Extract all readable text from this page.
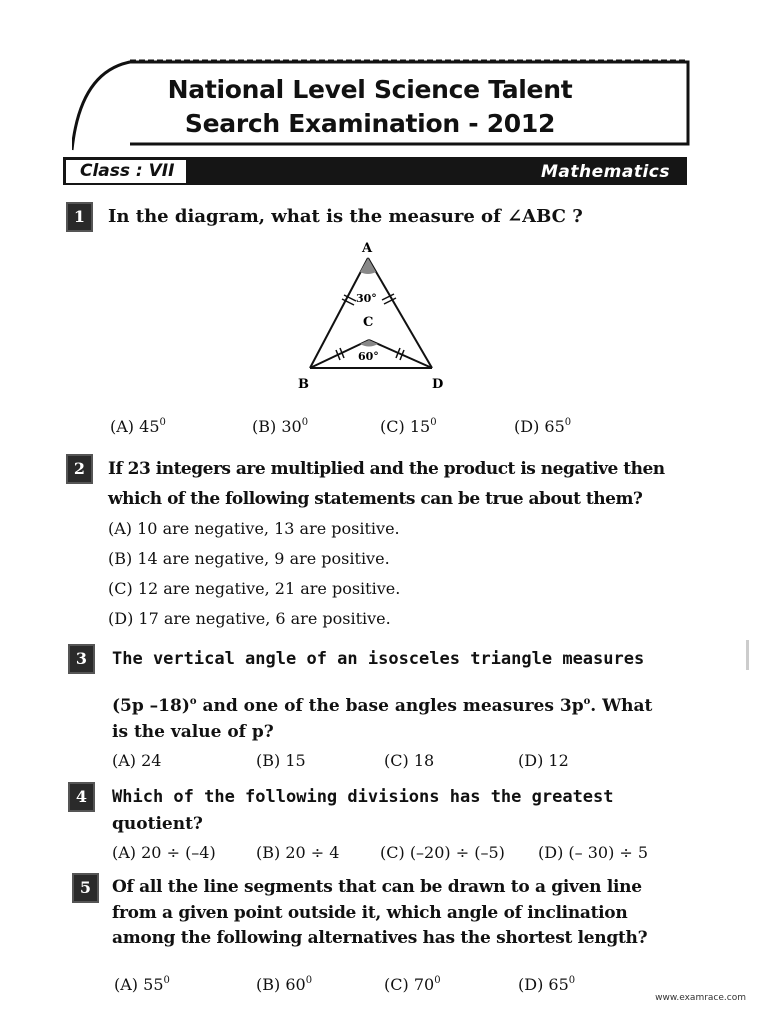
National Level Science Talent
Search Examination - 2012
Class : VII	Mathematics
1	In the diagram, what is the measure of ∠ABC ?
A
B	D
C
30°
60°
(A) $45^0$	(B) $30^0$	(C) $15^0$	(D) $65^0$
2	If 23 integers are multiplied and the product is negative then
which of the following statements can be true about them?
(A) 10 are negative, 13 are positive.
(B) 14 are negative, 9 are positive.
(C) 12 are negative, 21 are positive.
(D) 17 are negative, 6 are positive.
3	The vertical angle of an isosceles triangle measures
(5p –18)$^o$ and one of the base angles measures $3p^o$. What
is the value of p?
(A) 24	(B) 15	(C) 18	(D) 12
4	Which of the following divisions has the greatest
quotient?
(A) 20 ÷ (–4)	(B) 20 ÷ 4	(C) (–20) ÷ (–5) (D) (– 30) ÷ 5
5	Of all the line segments that can be drawn to a given line
from a given point outside it, which angle of inclination
among the following alternatives has the shortest length?
(A) $55^0$	(B) $60^0$	(C) $70^0$	(D) $65^0$
www.examrace.com
